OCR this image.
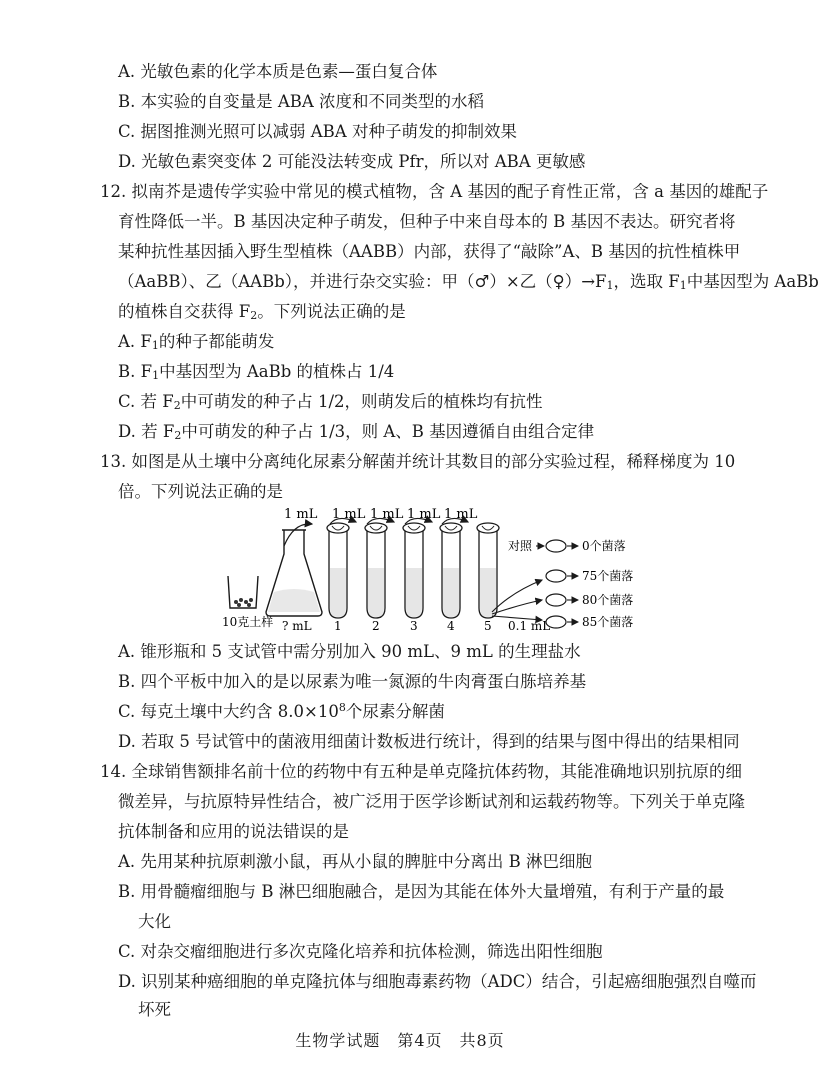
A. 光敏色素的化学本质是色素—蛋白复合体
B. 本实验的自变量是 ABA 浓度和不同类型的水稻
C. 据图推测光照可以减弱 ABA 对种子萌发的抑制效果
D. 光敏色素突变体 2 可能没法转变成 Pfr，所以对 ABA 更敏感
12. 拟南芥是遗传学实验中常见的模式植物，含 A 基因的配子育性正常，含 a 基因的雄配子
育性降低一半。B 基因决定种子萌发，但种子中来自母本的 B 基因不表达。研究者将
某种抗性基因插入野生型植株（AABB）内部，获得了“敲除”A、B 基因的抗性植株甲
（AaBB）、乙（AABb），并进行杂交实验：甲（♂）×乙$(♀)\to F_1$，选取 $F_1$中基因型为 AaBb
的植株自交获得 $F_2$。下列说法正确的是
A. $F_1$的种子都能萌发
B. $F_1$中基因型为 AaBb 的植株占 1/4
C. 若 $F_2$中可萌发的种子占 1/2，则萌发后的植株均有抗性
D. 若 $F_2$中可萌发的种子占 1/3，则 A、B 基因遵循自由组合定律
13. 如图是从土壤中分离纯化尿素分解菌并统计其数目的部分实验过程，稀释梯度为 10
倍。下列说法正确的是
1 mL 1 mL 1 mL 1 mL 1 mL
10克土样 ? mL 1	2	3 4 5 0.1 mL
对照	0个菌落
75个菌落
80个菌落
85个菌落
A. 锥形瓶和 5 支试管中需分别加入 90 mL、9 mL 的生理盐水
B. 四个平板中加入的是以尿素为唯一氮源的牛肉膏蛋白胨培养基
C. 每克土壤中大约含 $8.0\times 10^8$个尿素分解菌
D. 若取 5 号试管中的菌液用细菌计数板进行统计，得到的结果与图中得出的结果相同
14. 全球销售额排名前十位的药物中有五种是单克隆抗体药物，其能准确地识别抗原的细
微差异，与抗原特异性结合，被广泛用于医学诊断试剂和运载药物等。下列关于单克隆
抗体制备和应用的说法错误的是
A. 先用某种抗原刺激小鼠，再从小鼠的脾脏中分离出 B 淋巴细胞
B. 用骨髓瘤细胞与 B 淋巴细胞融合，是因为其能在体外大量增殖，有利于产量的最
大化
C. 对杂交瘤细胞进行多次克隆化培养和抗体检测，筛选出阳性细胞
D. 识别某种癌细胞的单克隆抗体与细胞毒素药物（ADC）结合，引起癌细胞强烈自噬而
坏死
生物学试题　第4页　共8页
